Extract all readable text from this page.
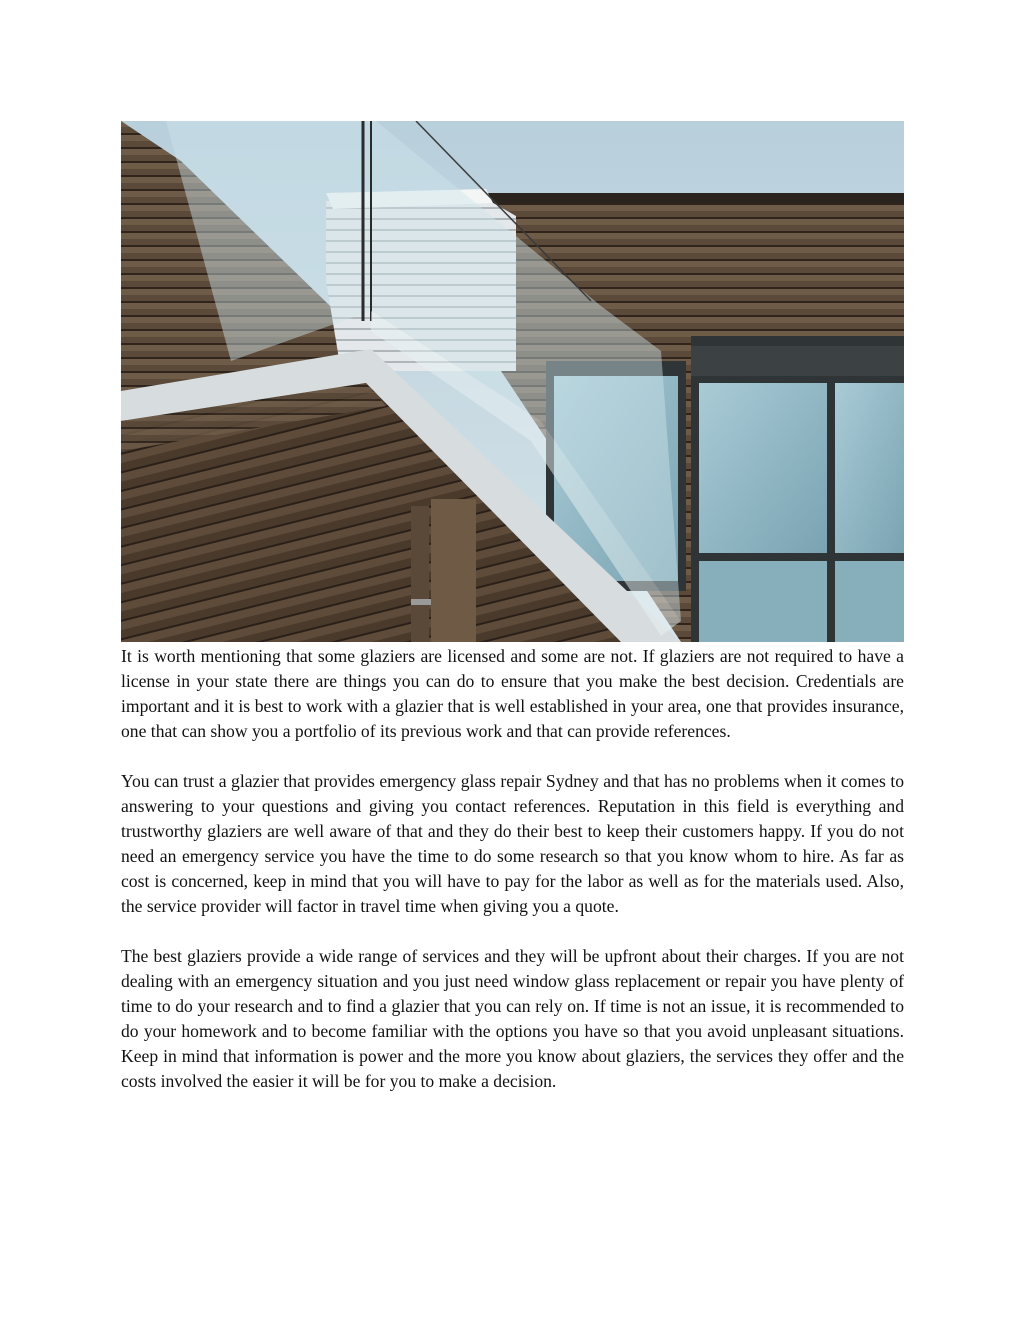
It is worth mentioning that some glaziers are licensed and some are not. If glaziers are not required to have a license in your state there are things you can do to ensure that you make the best decision. Credentials are important and it is best to work with a glazier that is well established in your area, one that provides insurance, one that can show you a portfolio of its previous work and that can provide references.

You can trust a glazier that provides emergency glass repair Sydney and that has no problems when it comes to answering to your questions and giving you contact references. Reputation in this field is everything and trustworthy glaziers are well aware of that and they do their best to keep their customers happy. If you do not need an emergency service you have the time to do some research so that you know whom to hire. As far as cost is concerned, keep in mind that you will have to pay for the labor as well as for the materials used. Also, the service provider will factor in travel time when giving you a quote.

The best glaziers provide a wide range of services and they will be upfront about their charges. If you are not dealing with an emergency situation and you just need window glass replacement or repair you have plenty of time to do your research and to find a glazier that you can rely on. If time is not an issue, it is recommended to do your homework and to become familiar with the options you have so that you avoid unpleasant situations. Keep in mind that information is power and the more you know about glaziers, the services they offer and the costs involved the easier it will be for you to make a decision.
